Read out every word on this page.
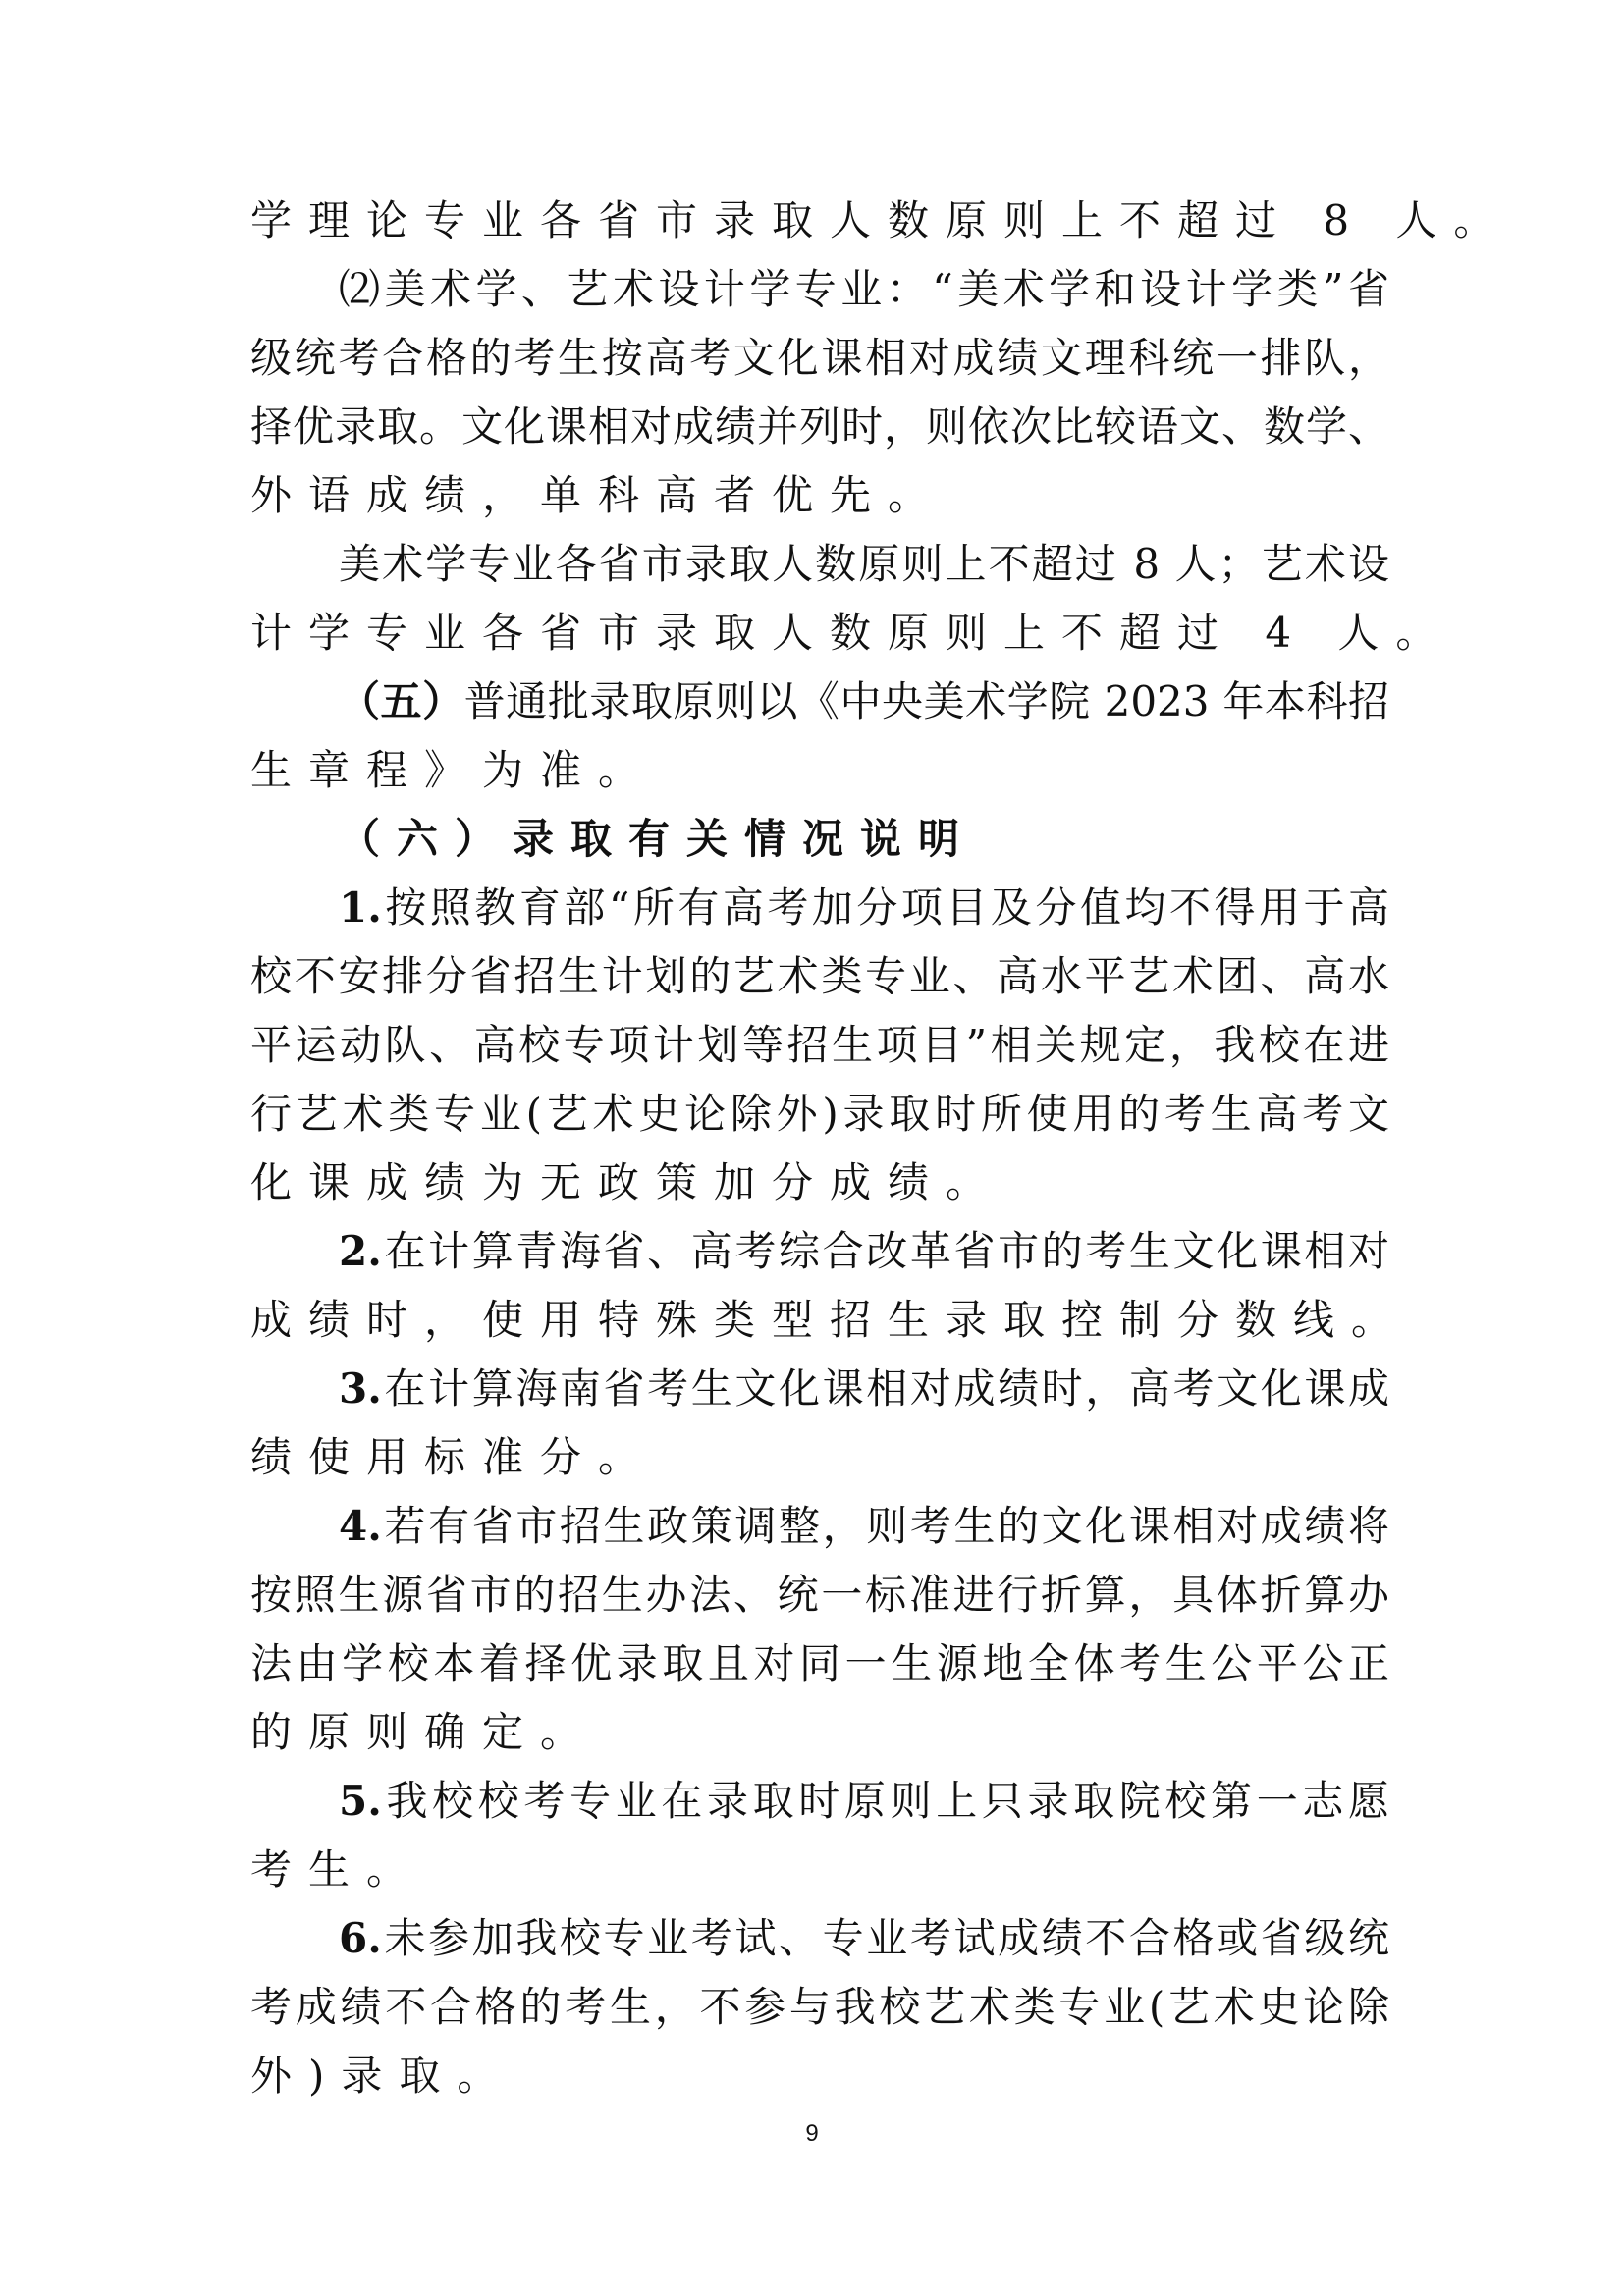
学理论专业各省市录取人数原则上不超过 8 人。
⑵美术学、艺术设计学专业：“美术学和设计学类”省
级统考合格的考生按高考文化课相对成绩文理科统一排队，
择优录取。文化课相对成绩并列时，则依次比较语文、数学、
外语成绩，单科高者优先。
美术学专业各省市录取人数原则上不超过 8 人；艺术设
计学专业各省市录取人数原则上不超过 4 人。
（五）普通批录取原则以《中央美术学院 2023 年本科招
生章程》为准。
（六）录取有关情况说明
1.按照教育部“所有高考加分项目及分值均不得用于高
校不安排分省招生计划的艺术类专业、高水平艺术团、高水
平运动队、高校专项计划等招生项目”相关规定，我校在进
行艺术类专业(艺术史论除外)录取时所使用的考生高考文
化课成绩为无政策加分成绩。
2.在计算青海省、高考综合改革省市的考生文化课相对
成绩时，使用特殊类型招生录取控制分数线。
3.在计算海南省考生文化课相对成绩时，高考文化课成
绩使用标准分。
4.若有省市招生政策调整，则考生的文化课相对成绩将
按照生源省市的招生办法、统一标准进行折算，具体折算办
法由学校本着择优录取且对同一生源地全体考生公平公正
的原则确定。
5.我校校考专业在录取时原则上只录取院校第一志愿
考生。
6.未参加我校专业考试、专业考试成绩不合格或省级统
考成绩不合格的考生，不参与我校艺术类专业(艺术史论除
外)录取。
9
